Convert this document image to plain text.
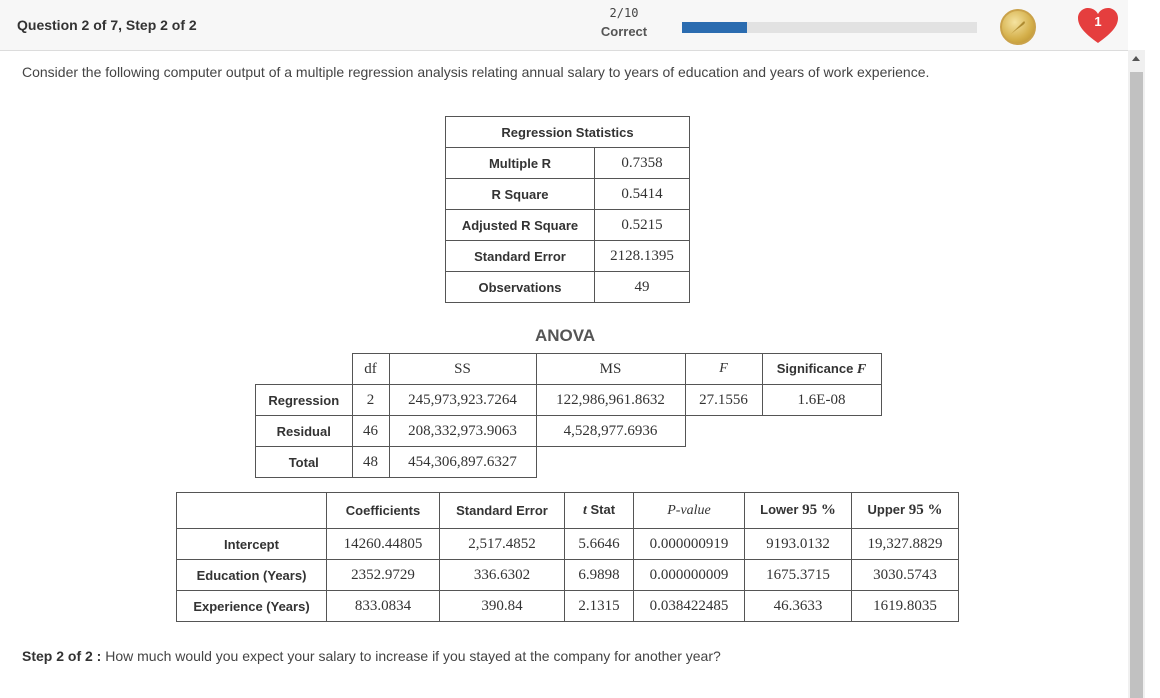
Question 2 of 7, Step 2 of 2
2/10
Correct
1
Consider the following computer output of a multiple regression analysis relating annual salary to years of education and years of work experience.
Regression Statistics	
Multiple R	0.7358
R Square	0.5414
Adjusted R Square	0.5215
Standard Error	2128.1395
Observations	49
ANOVA
	df	SS	MS	F	Significance F
Regression	2	245,973,923.7264	122,986,961.8632	27.1556	1.6E-08
Residual	46	208,332,973.9063	4,528,977.6936		
Total	48	454,306,897.6327			
	Coefficients	Standard Error	t Stat	P-value	Lower 95 %	Upper 95 %
Intercept	14260.44805	2,517.4852	5.6646	0.000000919	9193.0132	19,327.8829
Education (Years)	2352.9729	336.6302	6.9898	0.000000009	1675.3715	3030.5743
Experience (Years)	833.0834	390.84	2.1315	0.038422485	46.3633	1619.8035
Step 2 of 2 : How much would you expect your salary to increase if you stayed at the company for another year?
